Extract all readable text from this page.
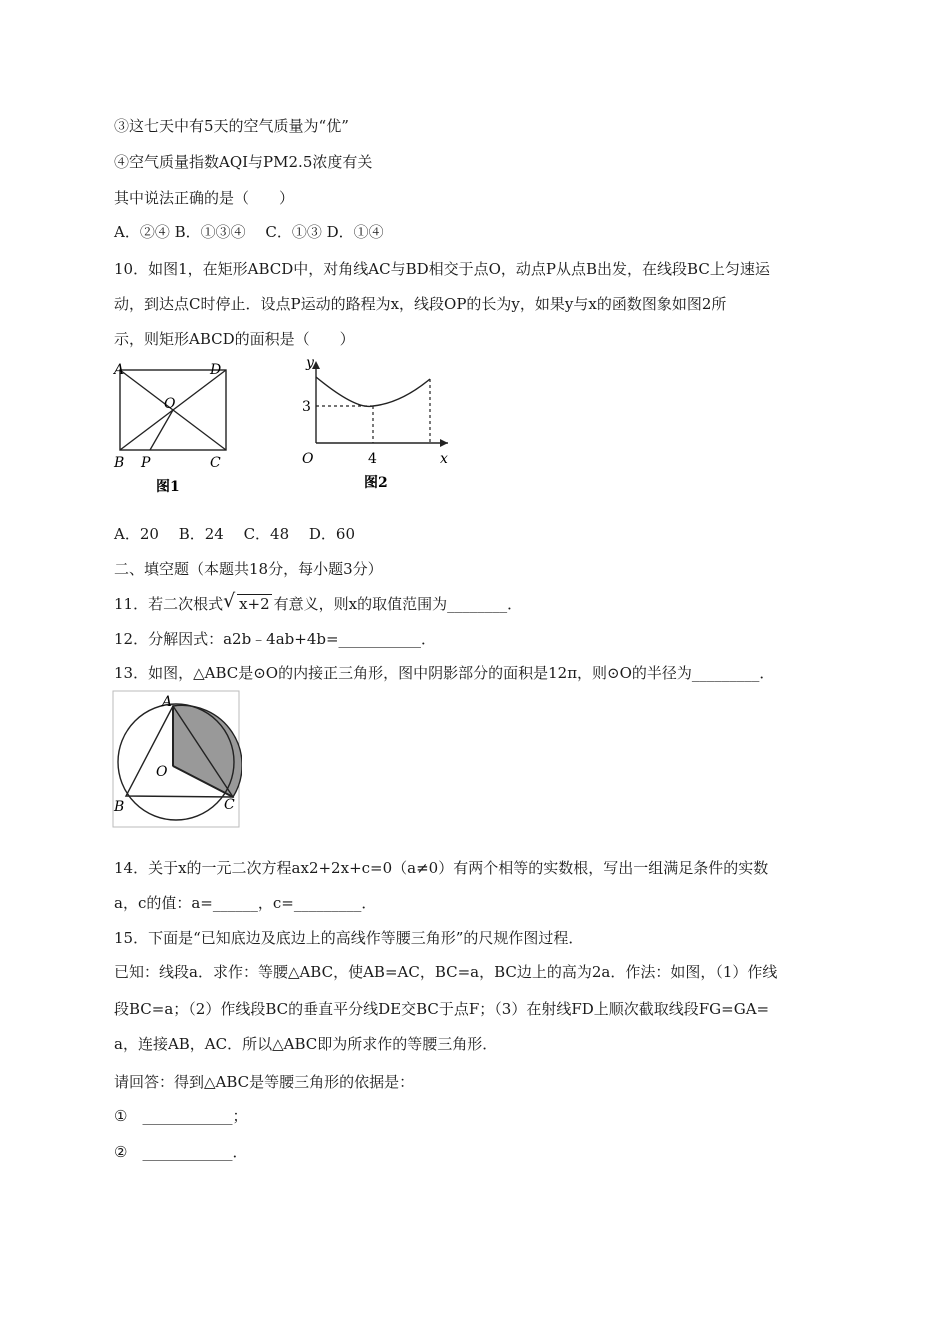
③这七天中有5天的空气质量为“优”
④空气质量指数AQI与PM2.5浓度有关
其中说法正确的是（　　）
A．②④ B．①③④　 C．①③ D．①④
10．如图1，在矩形ABCD中，对角线AC与BD相交于点O，动点P从点B出发，在线段BC上匀速运
动，到达点C时停止．设点P运动的路程为x，线段OP的长为y，如果y与x的函数图象如图2所
示，则矩形ABCD的面积是（　　）
A	D
O
B P	C
图1
y
x
O
3
4
图2
A．20　 B．24　 C．48　 D．60
二、填空题（本题共18分，每小题3分）
11．若二次根式 √ x+2 有意义，则x的取值范围为________．
12．分解因式：a2b﹣4ab+4b=___________．
13．如图，△ABC是⊙O的内接正三角形，图中阴影部分的面积是12π，则⊙O的半径为_________．
A
O
B	C
14．关于x的一元二次方程ax2+2x+c=0（a≠0）有两个相等的实数根，写出一组满足条件的实数
a，c的值：a=______，c=_________．
15．下面是“已知底边及底边上的高线作等腰三角形”的尺规作图过程．
已知：线段a．求作：等腰△ABC，使AB=AC，BC=a，BC边上的高为2a．作法：如图，（1）作线
段BC=a；（2）作线段BC的垂直平分线DE交BC于点F；（3）在射线FD上顺次截取线段FG=GA=
a，连接AB，AC．所以△ABC即为所求作的等腰三角形．
请回答：得到△ABC是等腰三角形的依据是：
①　____________；
②　____________．
